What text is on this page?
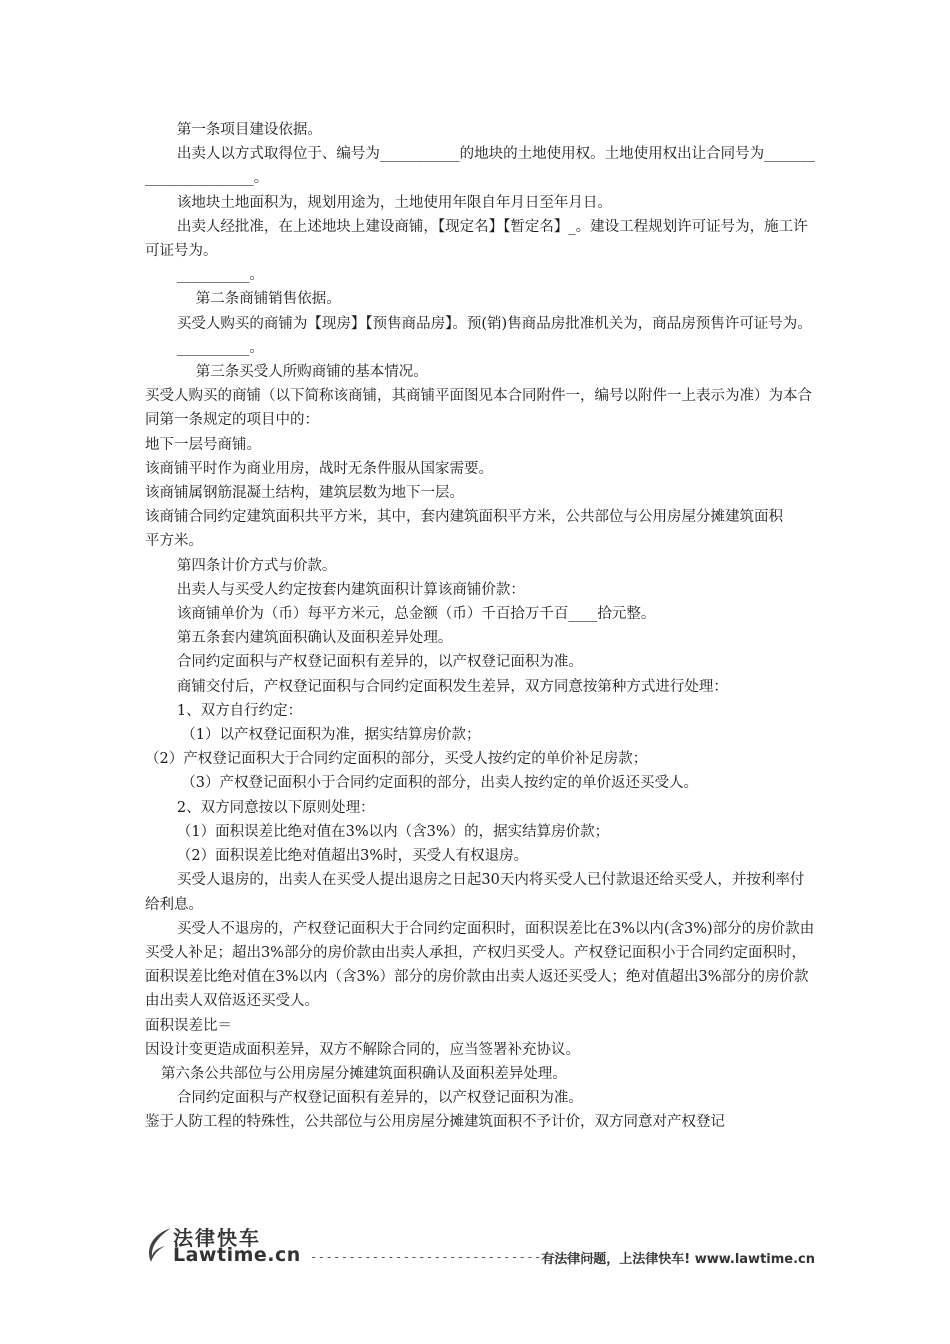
第一条项目建设依据。

出卖人以方式取得位于、编号为___________的地块的土地使用权。土地使用权出让合同号为______________________。

该地块土地面积为，规划用途为，土地使用年限自年月日至年月日。

出卖人经批准，在上述地块上建设商铺，【现定名】【暂定名】_。建设工程规划许可证号为，施工许可证号为。

__________。

第二条商铺销售依据。

买受人购买的商铺为【现房】【预售商品房】。预(销)售商品房批准机关为，商品房预售许可证号为。

__________。

第三条买受人所购商铺的基本情况。

买受人购买的商铺（以下简称该商铺，其商铺平面图见本合同附件一，编号以附件一上表示为准）为本合同第一条规定的项目中的：

地下一层号商铺。

该商铺平时作为商业用房，战时无条件服从国家需要。

该商铺属钢筋混凝土结构，建筑层数为地下一层。

该商铺合同约定建筑面积共平方米，其中，套内建筑面积平方米，公共部位与公用房屋分摊建筑面积

平方米。

第四条计价方式与价款。

出卖人与买受人约定按套内建筑面积计算该商铺价款：

该商铺单价为（币）每平方米元，总金额（币）千百拾万千百____拾元整。

第五条套内建筑面积确认及面积差异处理。

合同约定面积与产权登记面积有差异的，以产权登记面积为准。

商铺交付后，产权登记面积与合同约定面积发生差异，双方同意按第种方式进行处理：

1、双方自行约定：

（1）以产权登记面积为准，据实结算房价款；

（2）产权登记面积大于合同约定面积的部分，买受人按约定的单价补足房款；

（3）产权登记面积小于合同约定面积的部分，出卖人按约定的单价返还买受人。

2、双方同意按以下原则处理：

（1）面积误差比绝对值在3%以内（含3%）的，据实结算房价款；

（2）面积误差比绝对值超出3%时，买受人有权退房。

买受人退房的，出卖人在买受人提出退房之日起30天内将买受人已付款退还给买受人，并按利率付给利息。

买受人不退房的，产权登记面积大于合同约定面积时，面积误差比在3%以内(含3%)部分的房价款由买受人补足；超出3%部分的房价款由出卖人承担，产权归买受人。产权登记面积小于合同约定面积时，面积误差比绝对值在3%以内（含3%）部分的房价款由出卖人返还买受人；绝对值超出3%部分的房价款由出卖人双倍返还买受人。

面积误差比＝

因设计变更造成面积差异，双方不解除合同的，应当签署补充协议。

第六条公共部位与公用房屋分摊建筑面积确认及面积差异处理。

合同约定面积与产权登记面积有差异的，以产权登记面积为准。

鉴于人防工程的特殊性，公共部位与公用房屋分摊建筑面积不予计价，双方同意对产权登记

法律快车
Lawtime.cn --------------------------------------
有法律问题，上法律快车! www.lawtime.cn
